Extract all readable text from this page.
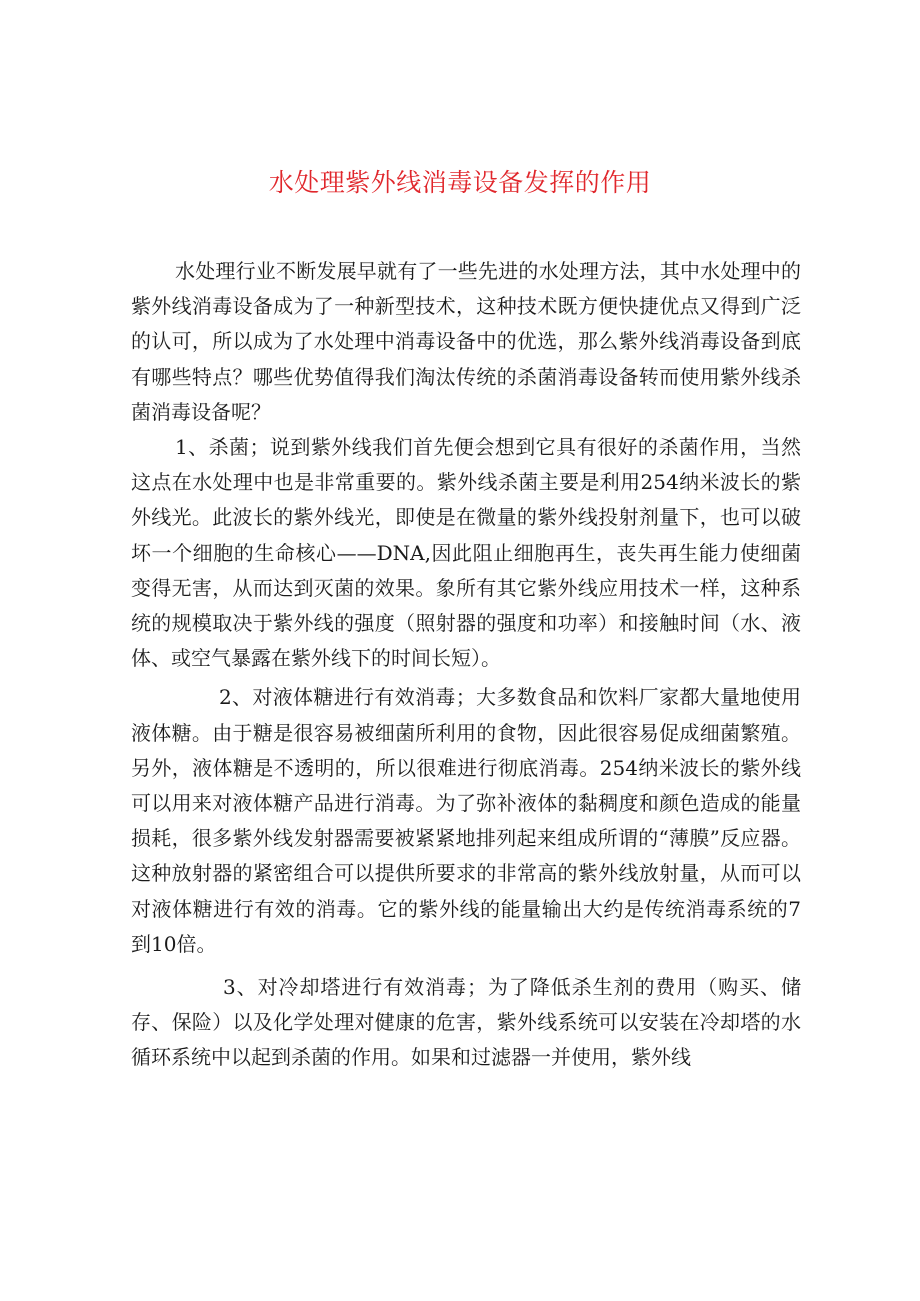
水处理紫外线消毒设备发挥的作用

水处理行业不断发展早就有了一些先进的水处理方法，其中水处理中的紫外线消毒设备成为了一种新型技术，这种技术既方便快捷优点又得到广泛的认可，所以成为了水处理中消毒设备中的优选，那么紫外线消毒设备到底有哪些特点？哪些优势值得我们淘汰传统的杀菌消毒设备转而使用紫外线杀菌消毒设备呢？

1、杀菌；说到紫外线我们首先便会想到它具有很好的杀菌作用，当然这点在水处理中也是非常重要的。紫外线杀菌主要是利用254纳米波长的紫外线光。此波长的紫外线光，即使是在微量的紫外线投射剂量下，也可以破坏一个细胞的生命核心——DNA,因此阻止细胞再生，丧失再生能力使细菌变得无害，从而达到灭菌的效果。象所有其它紫外线应用技术一样，这种系统的规模取决于紫外线的强度（照射器的强度和功率）和接触时间（水、液体、或空气暴露在紫外线下的时间长短）。

2、对液体糖进行有效消毒；大多数食品和饮料厂家都大量地使用液体糖。由于糖是很容易被细菌所利用的食物，因此很容易促成细菌繁殖。另外，液体糖是不透明的，所以很难进行彻底消毒。254纳米波长的紫外线可以用来对液体糖产品进行消毒。为了弥补液体的黏稠度和颜色造成的能量损耗，很多紫外线发射器需要被紧紧地排列起来组成所谓的“薄膜”反应器。这种放射器的紧密组合可以提供所要求的非常高的紫外线放射量，从而可以对液体糖进行有效的消毒。它的紫外线的能量输出大约是传统消毒系统的7到10倍。

3、对冷却塔进行有效消毒；为了降低杀生剂的费用（购买、储存、保险）以及化学处理对健康的危害，紫外线系统可以安装在冷却塔的水循环系统中以起到杀菌的作用。如果和过滤器一并使用，紫外线
